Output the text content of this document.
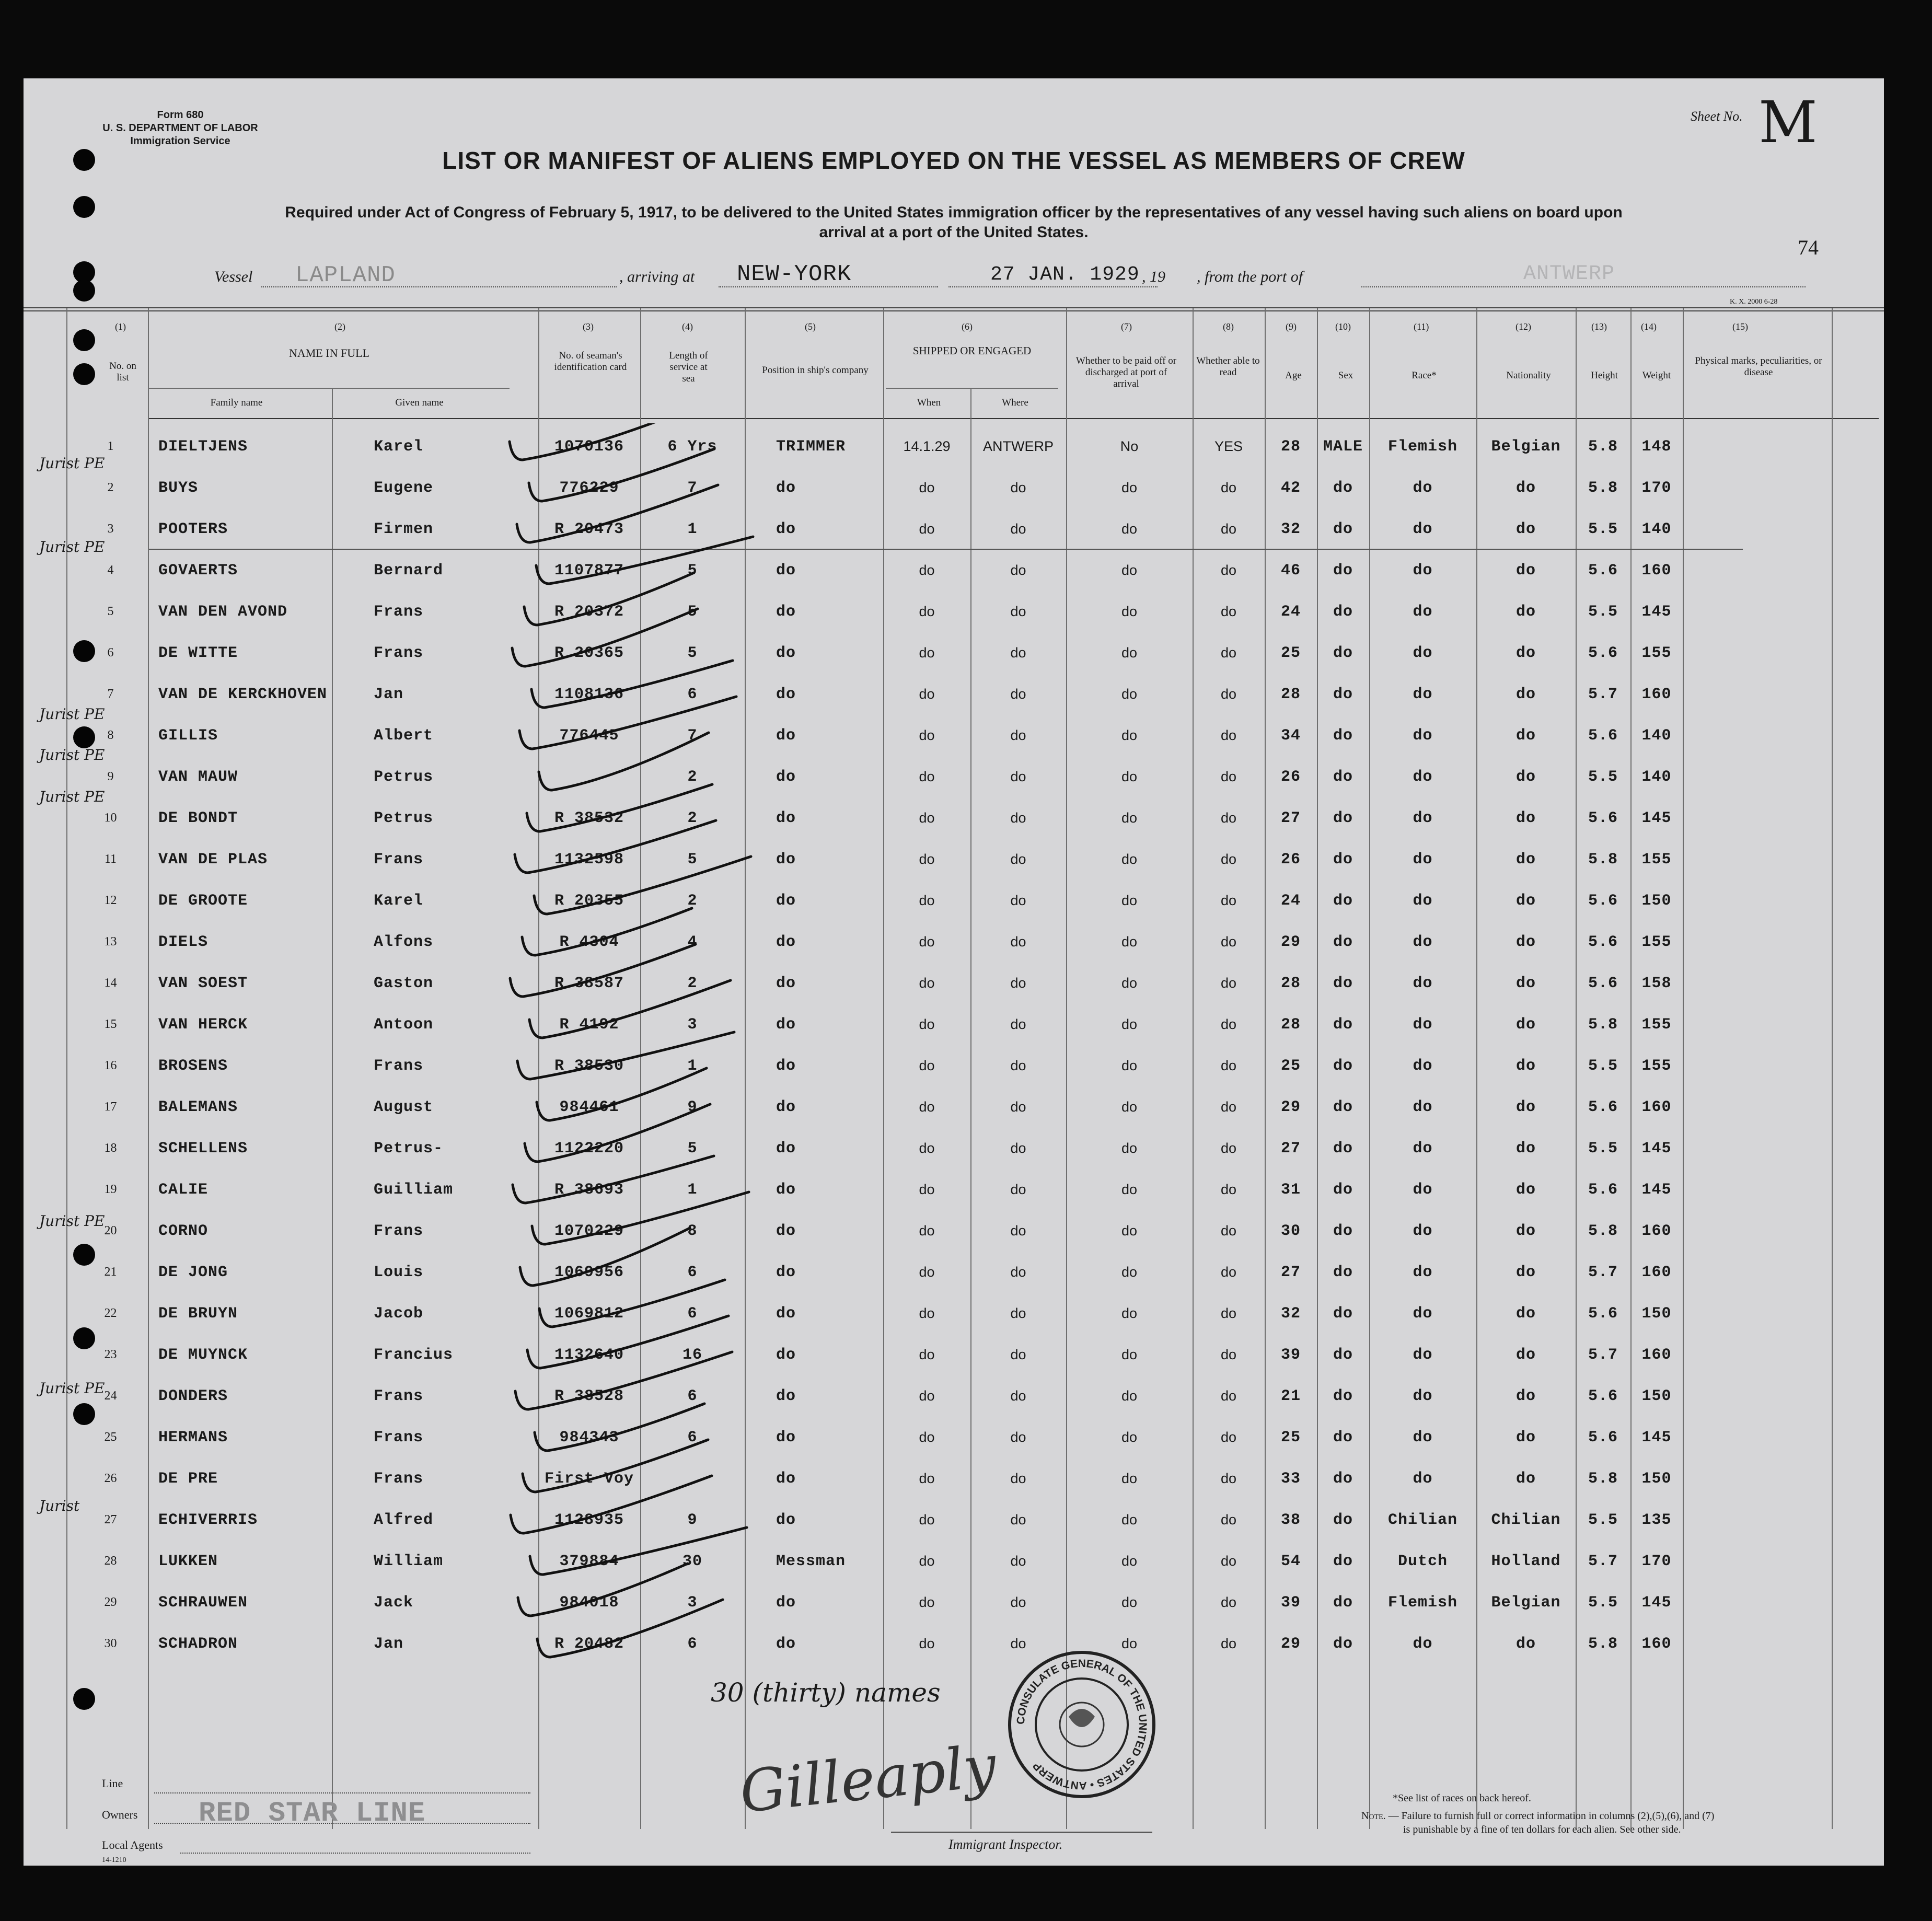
Form 680
U. S. DEPARTMENT OF LABOR
Immigration Service
Sheet No. M
LIST OR MANIFEST OF ALIENS EMPLOYED ON THE VESSEL AS MEMBERS OF CREW
Required under Act of Congress of February 5, 1917, to be delivered to the United States immigration officer by the representatives of any vessel having such aliens on board upon
arrival at a port of the United States.
74
Vessel LAPLAND	, arriving at NEW-YORK	27 JAN. 1929 , 19 , from the port of	ANTWERP
K. X. 2000 6-28
(1)	(2)	(3)	(4)	(5)	(6)	(7)	(8)	(9)	(10)	(11)	(12)	(13)	(14)	(15)
No. on list
NAME IN FULL
Family name	Given name
No. of seaman's identification card
Length of service at sea
Position in ship's company
SHIPPED OR ENGAGED
When	Where
Whether to be paid off or discharged at port of arrival
Whether able to read	Age	Sex	Race*	Nationality	Height	Weight
Physical marks, peculiarities, or disease
1	DIELTJENS	Karel	1070136	6 Yrs	TRIMMER	14.1.29	ANTWERP	No	YES	28	MALE	Flemish	Belgian	5.8	148
2	BUYS	Eugene	776229	7	do	do	do	do	do	42	do	do	do	5.8	170
3	POOTERS	Firmen	R 20473	1	do	do	do	do	do	32	do	do	do	5.5	140
4	GOVAERTS	Bernard	1107877	5	do	do	do	do	do	46	do	do	do	5.6	160
5	VAN DEN AVOND	Frans	R 20372	5	do	do	do	do	do	24	do	do	do	5.5	145
6	DE WITTE	Frans	R 20365	5	do	do	do	do	do	25	do	do	do	5.6	155
7	VAN DE KERCKHOVEN	Jan	1108136	6	do	do	do	do	do	28	do	do	do	5.7	160
8	GILLIS	Albert	776445	7	do	do	do	do	do	34	do	do	do	5.6	140
9	VAN MAUW	Petrus		2	do	do	do	do	do	26	do	do	do	5.5	140
10	DE BONDT	Petrus	R 38532	2	do	do	do	do	do	27	do	do	do	5.6	145
11	VAN DE PLAS	Frans	1132598	5	do	do	do	do	do	26	do	do	do	5.8	155
12	DE GROOTE	Karel	R 20355	2	do	do	do	do	do	24	do	do	do	5.6	150
13	DIELS	Alfons	R 4304	4	do	do	do	do	do	29	do	do	do	5.6	155
14	VAN SOEST	Gaston	R 38587	2	do	do	do	do	do	28	do	do	do	5.6	158
15	VAN HERCK	Antoon	R 4192	3	do	do	do	do	do	28	do	do	do	5.8	155
16	BROSENS	Frans	R 38530	1	do	do	do	do	do	25	do	do	do	5.5	155
17	BALEMANS	August	984461	9	do	do	do	do	do	29	do	do	do	5.6	160
18	SCHELLENS	Petrus-	1122220	5	do	do	do	do	do	27	do	do	do	5.5	145
19	CALIE	Guilliam	R 38693	1	do	do	do	do	do	31	do	do	do	5.6	145
20	CORNO	Frans	1070229	8	do	do	do	do	do	30	do	do	do	5.8	160
21	DE JONG	Louis	1069956	6	do	do	do	do	do	27	do	do	do	5.7	160
22	DE BRUYN	Jacob	1069812	6	do	do	do	do	do	32	do	do	do	5.6	150
23	DE MUYNCK	Francius	1132640	16	do	do	do	do	do	39	do	do	do	5.7	160
24	DONDERS	Frans	R 38528	6	do	do	do	do	do	21	do	do	do	5.6	150
25	HERMANS	Frans	984343	6	do	do	do	do	do	25	do	do	do	5.6	145
26	DE PRE	Frans	First Voy		do	do	do	do	do	33	do	do	do	5.8	150
27	ECHIVERRIS	Alfred	1128935	9	do	do	do	do	do	38	do	Chilian	Chilian	5.5	135
28	LUKKEN	William	379884	30	Messman	do	do	do	do	54	do	Dutch	Holland	5.7	170
29	SCHRAUWEN	Jack	984018	3	do	do	do	do	do	39	do	Flemish	Belgian	5.5	145
30	SCHADRON	Jan	R 20482	6	do	do	do	do	do	29	do	do	do	5.8	160
Jurist PE
Jurist PE
Jurist PE
Jurist PE
Jurist PE
Jurist PE
Jurist PE
Jurist
30 (thirty) names
CONSULATE GENERAL OF THE UNITED STATES • ANTWERP
Gilleaply
Immigrant Inspector.
Line
Owners RED STAR LINE
Local Agents
14-1210
*See list of races on back hereof.
Note. — Failure to furnish full or correct information in columns (2),(5),(6), and (7)
is punishable by a fine of ten dollars for each alien. See other side.
